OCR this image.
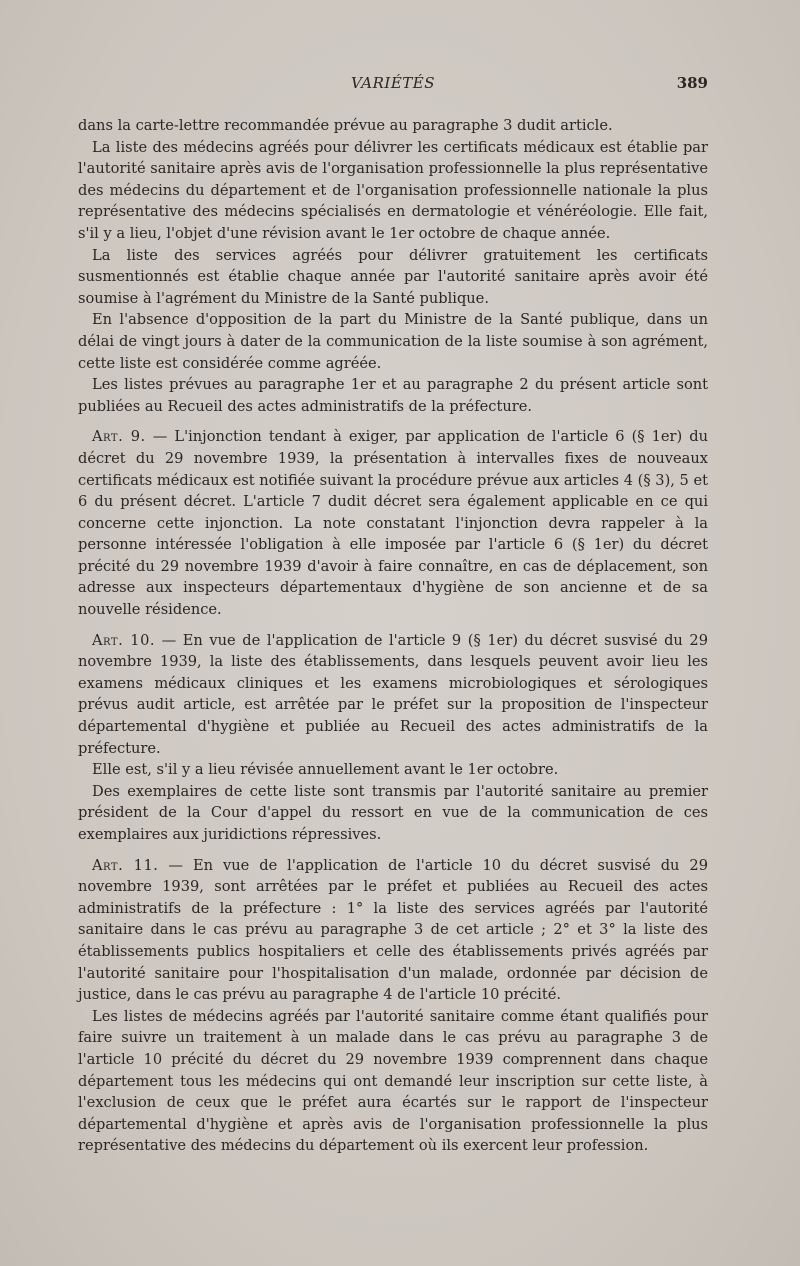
VARIÉTÉS	389

dans la carte-lettre recommandée prévue au paragraphe 3 dudit article.

La liste des médecins agréés pour délivrer les certificats médicaux est établie par l'autorité sanitaire après avis de l'organisation professionnelle la plus représentative des médecins du département et de l'organisation professionnelle nationale la plus représentative des médecins spécialisés en dermatologie et vénéréologie. Elle fait, s'il y a lieu, l'objet d'une révision avant le 1er octobre de chaque année.

La liste des services agréés pour délivrer gratuitement les certificats susmentionnés est établie chaque année par l'autorité sanitaire après avoir été soumise à l'agrément du Ministre de la Santé publique.

En l'absence d'opposition de la part du Ministre de la Santé publique, dans un délai de vingt jours à dater de la communication de la liste soumise à son agrément, cette liste est considérée comme agréée.

Les listes prévues au paragraphe 1er et au paragraphe 2 du présent article sont publiées au Recueil des actes administratifs de la préfecture.

Art. 9. — L'injonction tendant à exiger, par application de l'article 6 (§ 1er) du décret du 29 novembre 1939, la présentation à intervalles fixes de nouveaux certificats médicaux est notifiée suivant la procédure prévue aux articles 4 (§ 3), 5 et 6 du présent décret. L'article 7 dudit décret sera également applicable en ce qui concerne cette injonction. La note constatant l'injonction devra rappeler à la personne intéressée l'obligation à elle imposée par l'article 6 (§ 1er) du décret précité du 29 novembre 1939 d'avoir à faire connaître, en cas de déplacement, son adresse aux inspecteurs départementaux d'hygiène de son ancienne et de sa nouvelle résidence.

Art. 10. — En vue de l'application de l'article 9 (§ 1er) du décret susvisé du 29 novembre 1939, la liste des établissements, dans lesquels peuvent avoir lieu les examens médicaux cliniques et les examens microbiologiques et sérologiques prévus audit article, est arrêtée par le préfet sur la proposition de l'inspecteur départemental d'hygiène et publiée au Recueil des actes administratifs de la préfecture.

Elle est, s'il y a lieu révisée annuellement avant le 1er octobre.

Des exemplaires de cette liste sont transmis par l'autorité sanitaire au premier président de la Cour d'appel du ressort en vue de la communication de ces exemplaires aux juridictions répressives.

Art. 11. — En vue de l'application de l'article 10 du décret susvisé du 29 novembre 1939, sont arrêtées par le préfet et publiées au Recueil des actes administratifs de la préfecture : 1° la liste des services agréés par l'autorité sanitaire dans le cas prévu au paragraphe 3 de cet article ; 2° et 3° la liste des établissements publics hospitaliers et celle des établissements privés agréés par l'autorité sanitaire pour l'hospitalisation d'un malade, ordonnée par décision de justice, dans le cas prévu au paragraphe 4 de l'article 10 précité.

Les listes de médecins agréés par l'autorité sanitaire comme étant qualifiés pour faire suivre un traitement à un malade dans le cas prévu au paragraphe 3 de l'article 10 précité du décret du 29 novembre 1939 comprennent dans chaque département tous les médecins qui ont demandé leur inscription sur cette liste, à l'exclusion de ceux que le préfet aura écartés sur le rapport de l'inspecteur départemental d'hygiène et après avis de l'organisation professionnelle la plus représentative des médecins du département où ils exercent leur profession.
